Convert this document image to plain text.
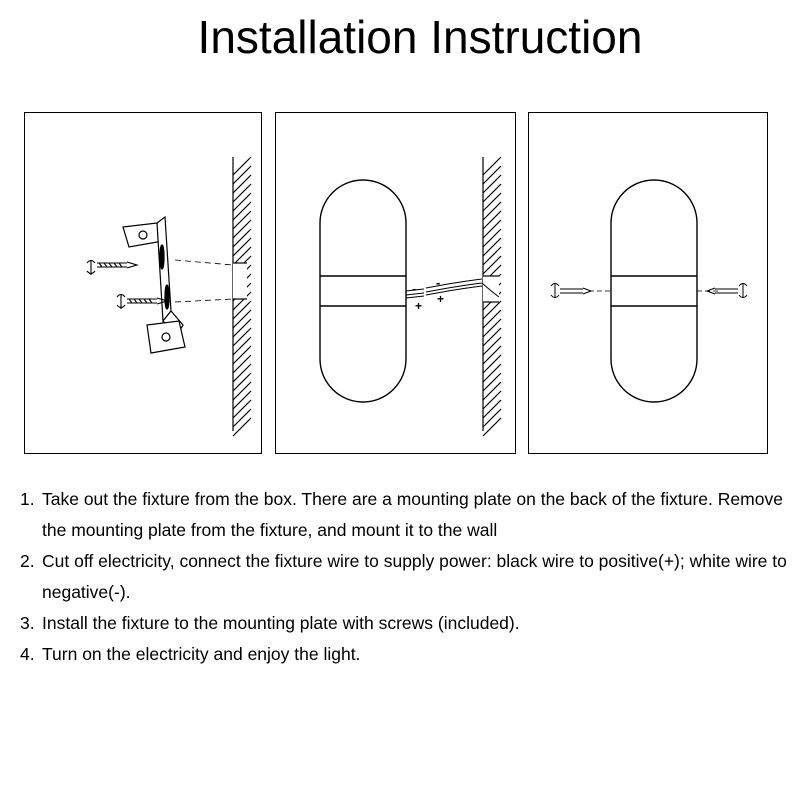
Installation Instruction
-
+
-
+
1. Take out the fixture from the box. There are a mounting plate on the back of the fixture. Remove the mounting plate from the fixture, and mount it to the wall
2. Cut off electricity, connect the fixture wire to supply power: black wire to positive(+); white wire to negative(-).
3. Install the fixture to the mounting plate with screws (included).
4. Turn on the electricity and enjoy the light.
